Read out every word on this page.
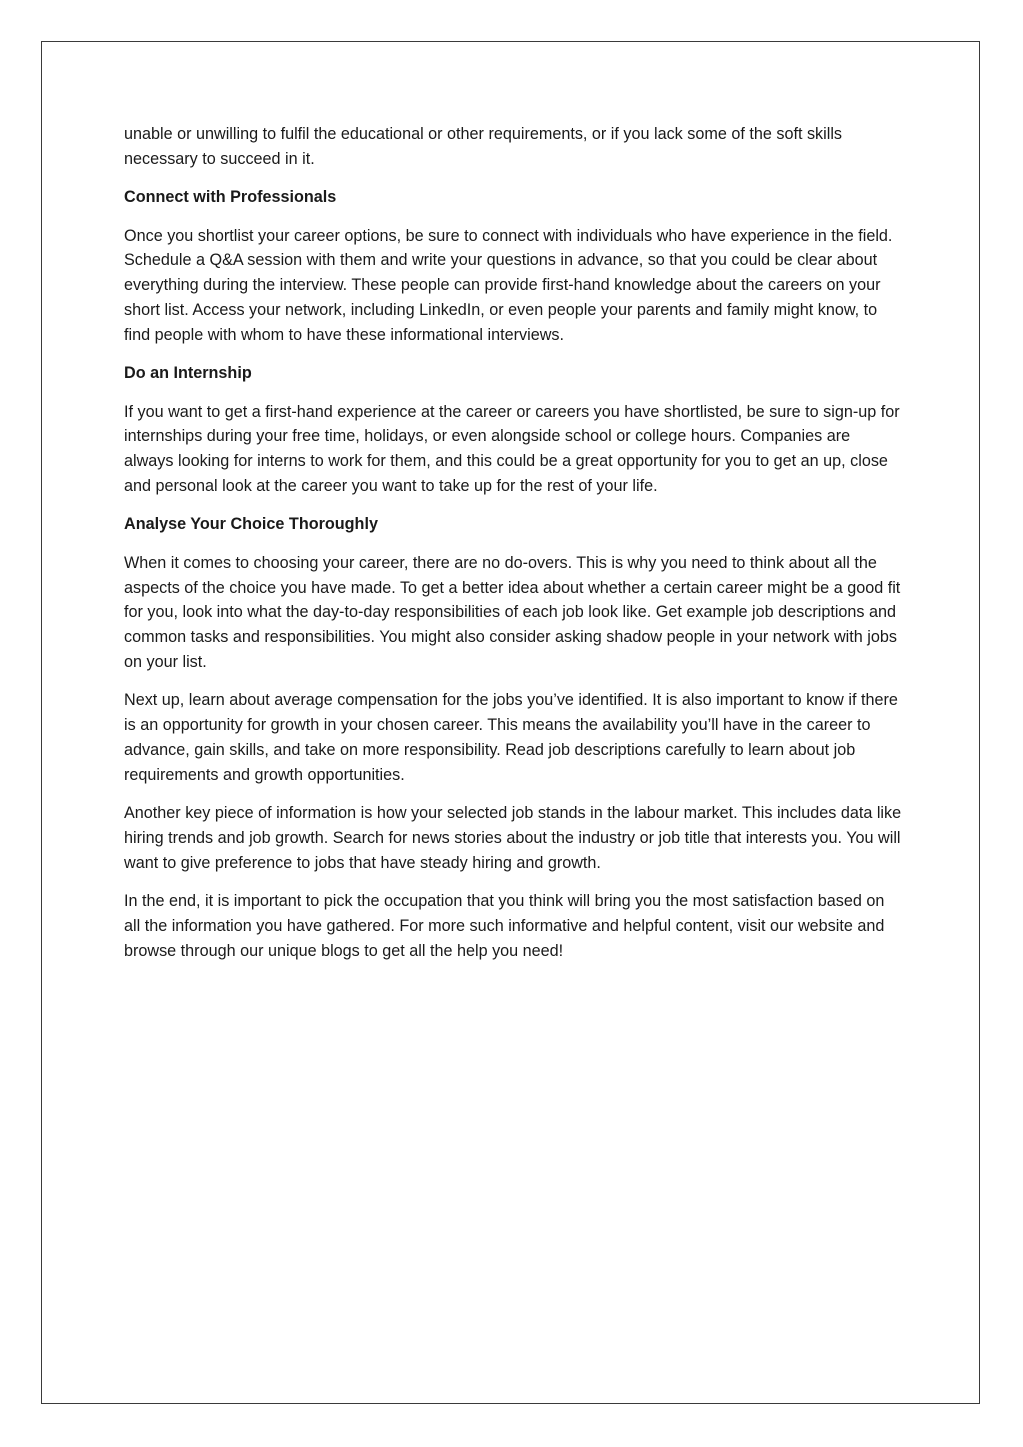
unable or unwilling to fulfil the educational or other requirements, or if you lack some of the soft skills necessary to succeed in it.

Connect with Professionals

Once you shortlist your career options, be sure to connect with individuals who have experience in the field. Schedule a Q&A session with them and write your questions in advance, so that you could be clear about everything during the interview. These people can provide first-hand knowledge about the careers on your short list. Access your network, including LinkedIn, or even people your parents and family might know, to find people with whom to have these informational interviews.

Do an Internship

If you want to get a first-hand experience at the career or careers you have shortlisted, be sure to sign-up for internships during your free time, holidays, or even alongside school or college hours. Companies are always looking for interns to work for them, and this could be a great opportunity for you to get an up, close and personal look at the career you want to take up for the rest of your life.

Analyse Your Choice Thoroughly

When it comes to choosing your career, there are no do-overs. This is why you need to think about all the aspects of the choice you have made. To get a better idea about whether a certain career might be a good fit for you, look into what the day-to-day responsibilities of each job look like. Get example job descriptions and common tasks and responsibilities. You might also consider asking shadow people in your network with jobs on your list.

Next up, learn about average compensation for the jobs you’ve identified. It is also important to know if there is an opportunity for growth in your chosen career. This means the availability you’ll have in the career to advance, gain skills, and take on more responsibility. Read job descriptions carefully to learn about job requirements and growth opportunities.

Another key piece of information is how your selected job stands in the labour market. This includes data like hiring trends and job growth. Search for news stories about the industry or job title that interests you. You will want to give preference to jobs that have steady hiring and growth.

In the end, it is important to pick the occupation that you think will bring you the most satisfaction based on all the information you have gathered. For more such informative and helpful content, visit our website and browse through our unique blogs to get all the help you need!
